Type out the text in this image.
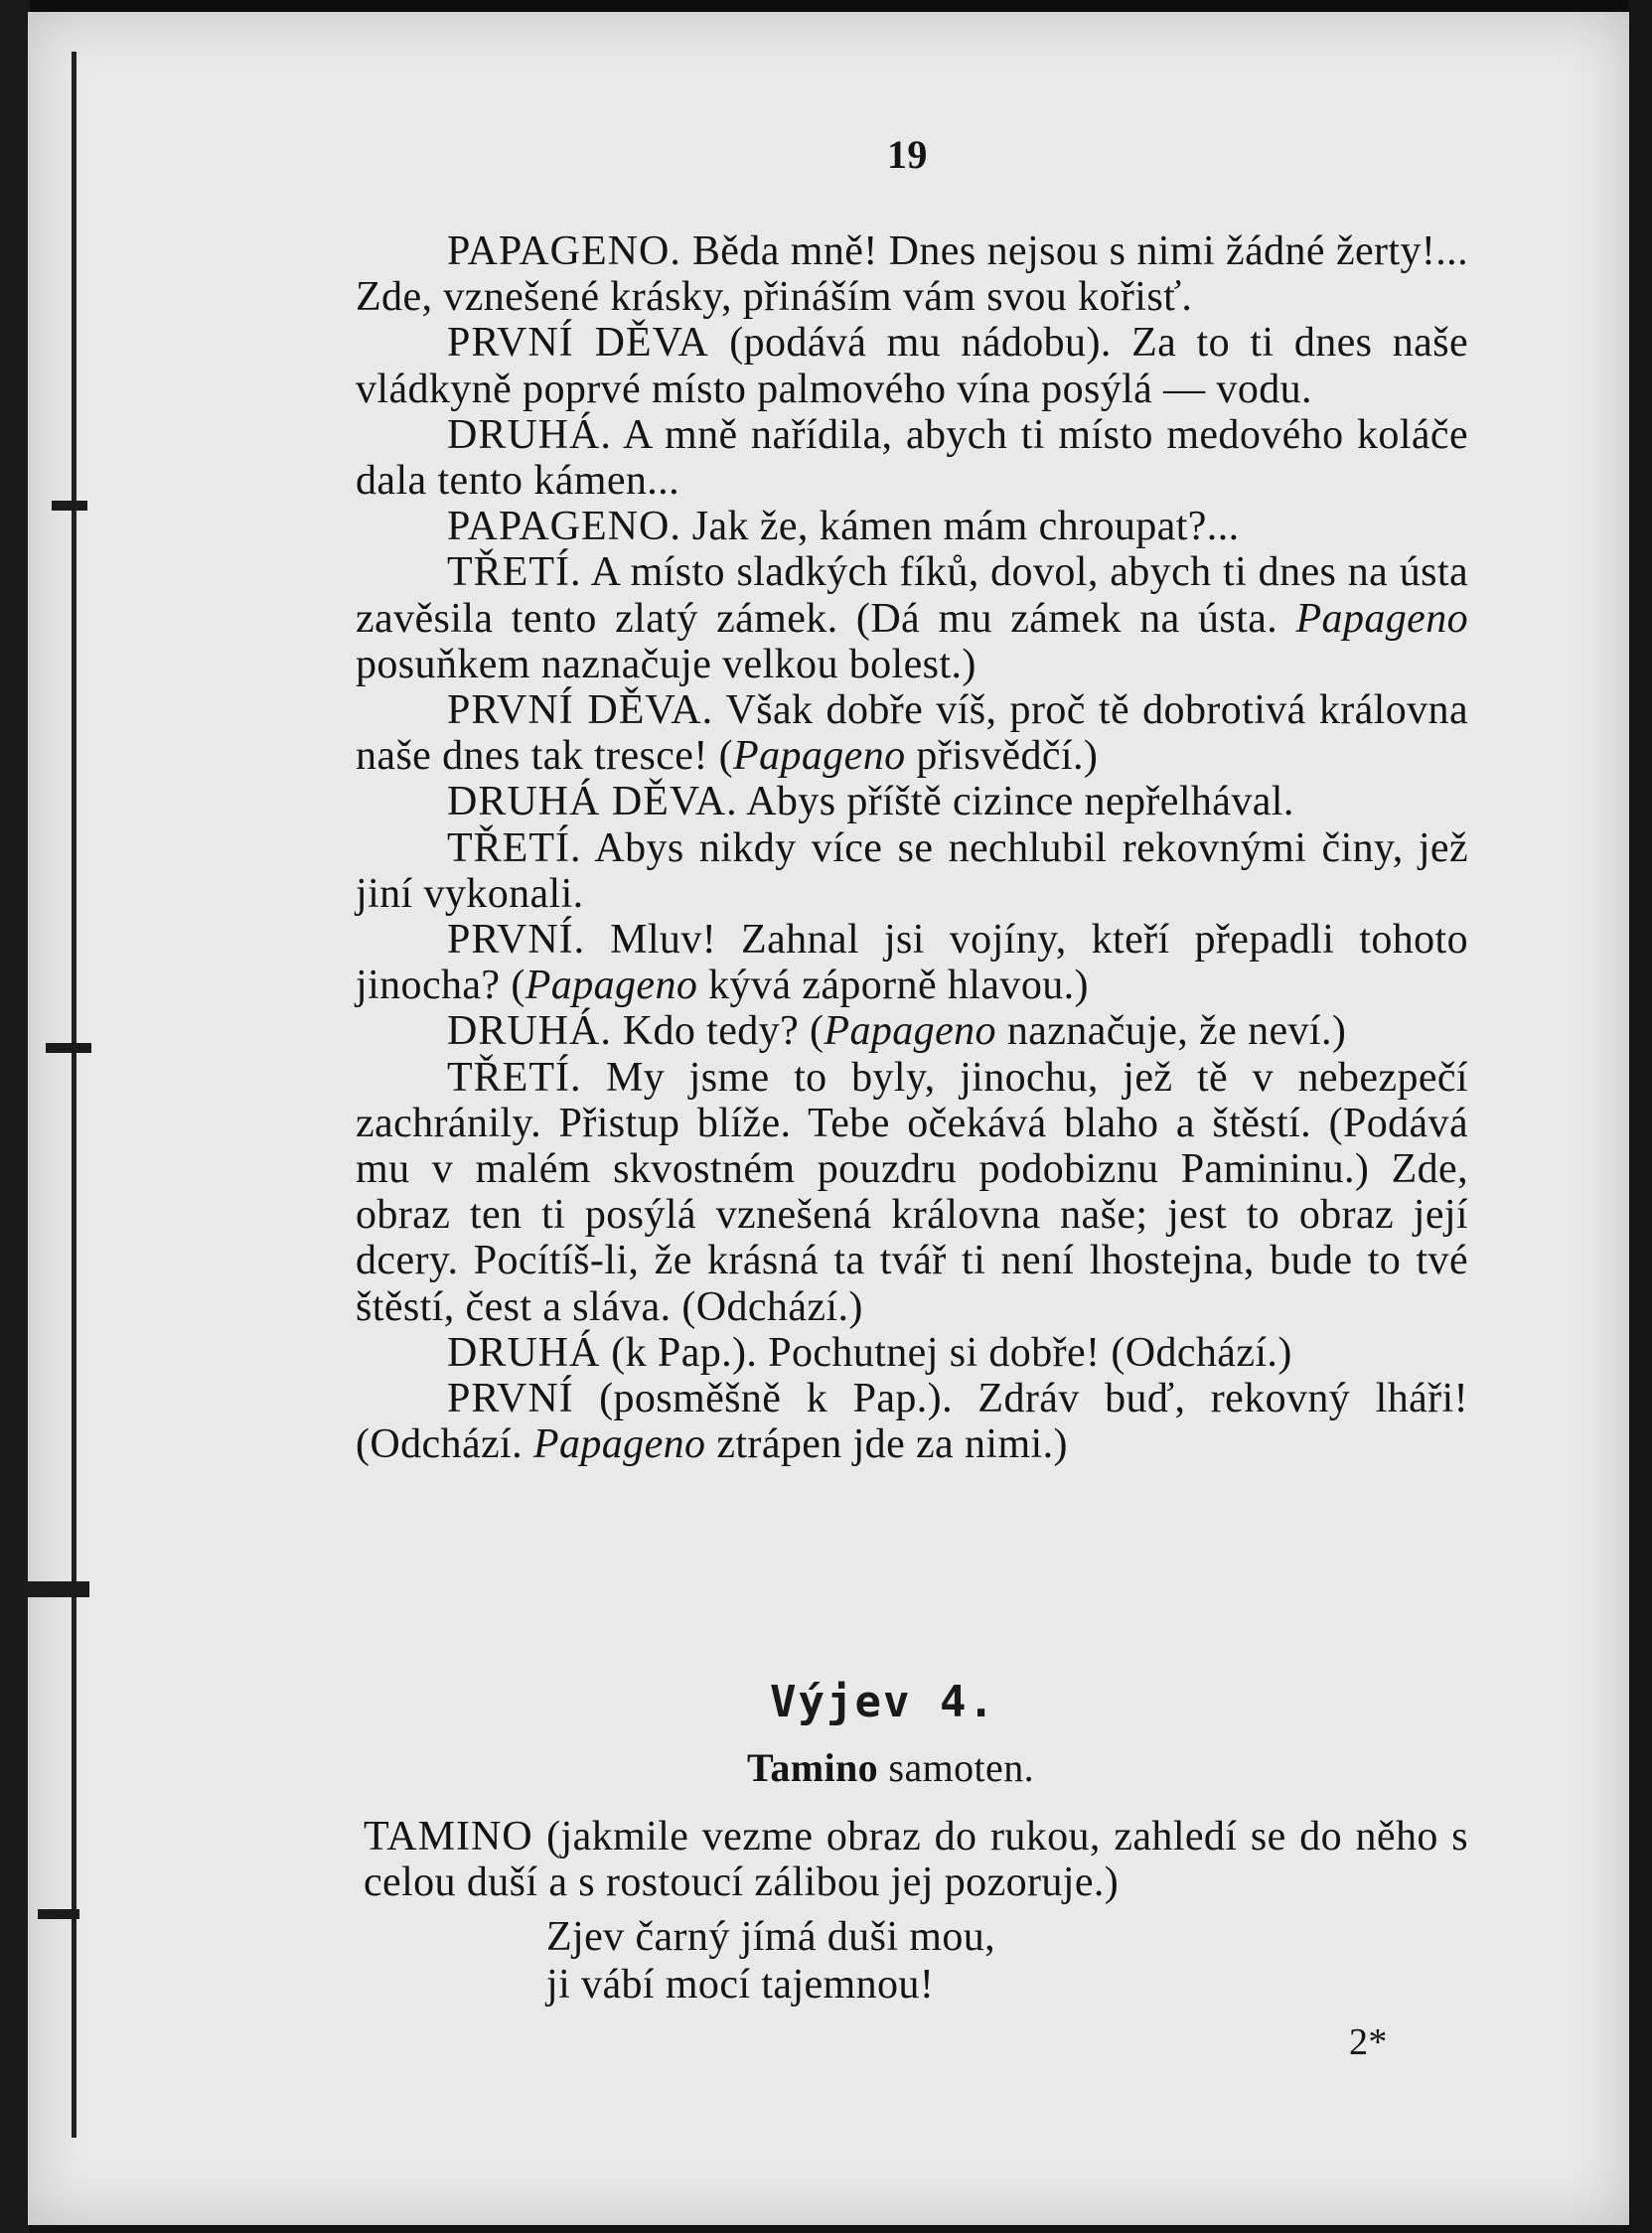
19

PAPAGENO. Běda mně! Dnes nejsou s nimi žádné žerty!... Zde, vznešené krásky, přináším vám svou kořisť.

PRVNÍ DĚVA (podává mu nádobu). Za to ti dnes naše vládkyně poprvé místo palmového vína posýlá — vodu.

DRUHÁ. A mně nařídila, abych ti místo medového koláče dala tento kámen...

PAPAGENO. Jak že, kámen mám chroupat?...

TŘETÍ. A místo sladkých fíků, dovol, abych ti dnes na ústa zavěsila tento zlatý zámek. (Dá mu zámek na ústa. Papageno posuňkem naznačuje velkou bolest.)

PRVNÍ DĚVA. Však dobře víš, proč tě dobrotivá královna naše dnes tak tresce! (Papageno přisvědčí.)

DRUHÁ DĚVA. Abys příště cizince nepřelhával.

TŘETÍ. Abys nikdy více se nechlubil rekovnými činy, jež jiní vykonali.

PRVNÍ. Mluv! Zahnal jsi vojíny, kteří přepadli tohoto jinocha? (Papageno kývá záporně hlavou.)

DRUHÁ. Kdo tedy? (Papageno naznačuje, že neví.)

TŘETÍ. My jsme to byly, jinochu, jež tě v nebezpečí zachránily. Přistup blíže. Tebe očekává blaho a štěstí. (Podává mu v malém skvostném pouzdru podobiznu Pamininu.) Zde, obraz ten ti posýlá vznešená královna naše; jest to obraz její dcery. Pocítíš-li, že krásná ta tvář ti není lhostejna, bude to tvé štěstí, čest a sláva. (Odchází.)

DRUHÁ (k Pap.). Pochutnej si dobře! (Odchází.)

PRVNÍ (posměšně k Pap.). Zdráv buď, rekovný lháři! (Odchází. Papageno ztrápen jde za nimi.)

Výjev 4.
Tamino samoten.

TAMINO (jakmile vezme obraz do rukou, zahledí se do něho s celou duší a s rostoucí zálibou jej pozoruje.)

Zjev čarný jímá duši mou,
ji vábí mocí tajemnou!
2*
